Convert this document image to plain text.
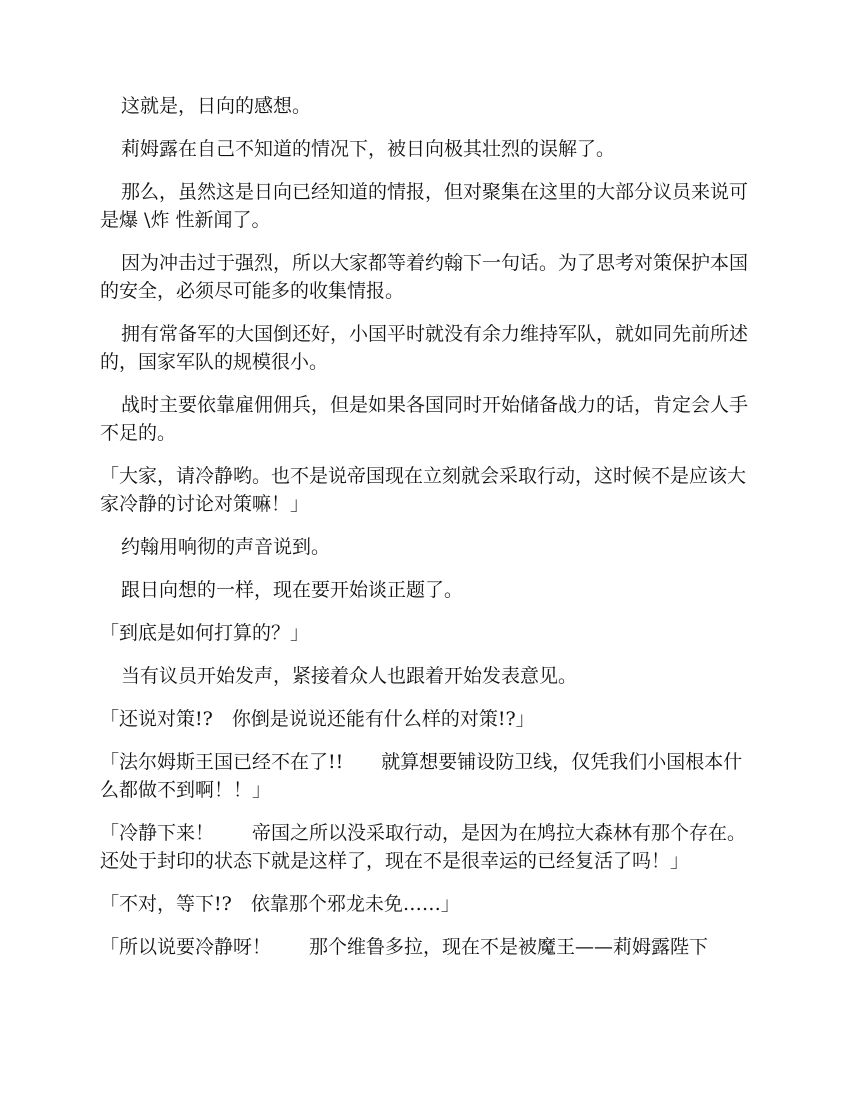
这就是，日向的感想。

莉姆露在自己不知道的情况下，被日向极其壮烈的误解了。

那么，虽然这是日向已经知道的情报，但对聚集在这里的大部分议员来说可是爆 \炸 性新闻了。

因为冲击过于强烈，所以大家都等着约翰下一句话。为了思考对策保护本国的安全，必须尽可能多的收集情报。

拥有常备军的大国倒还好，小国平时就没有余力维持军队，就如同先前所述的，国家军队的规模很小。

战时主要依靠雇佣佣兵，但是如果各国同时开始储备战力的话，肯定会人手不足的。

「大家，请冷静哟。也不是说帝国现在立刻就会采取行动，这时候不是应该大家冷静的讨论对策嘛！」

约翰用响彻的声音说到。

跟日向想的一样，现在要开始谈正题了。

「到底是如何打算的？」

当有议员开始发声，紧接着众人也跟着开始发表意见。

「还说对策!?　你倒是说说还能有什么样的对策!?」

「法尔姆斯王国已经不在了!!　　就算想要铺设防卫线，仅凭我们小国根本什么都做不到啊！！」

「冷静下来！　　帝国之所以没采取行动，是因为在鸠拉大森林有那个存在。还处于封印的状态下就是这样了，现在不是很幸运的已经复活了吗！」

「不对，等下!?　依靠那个邪龙未免……」

「所以说要冷静呀！　　那个维鲁多拉，现在不是被魔王——莉姆露陛下
